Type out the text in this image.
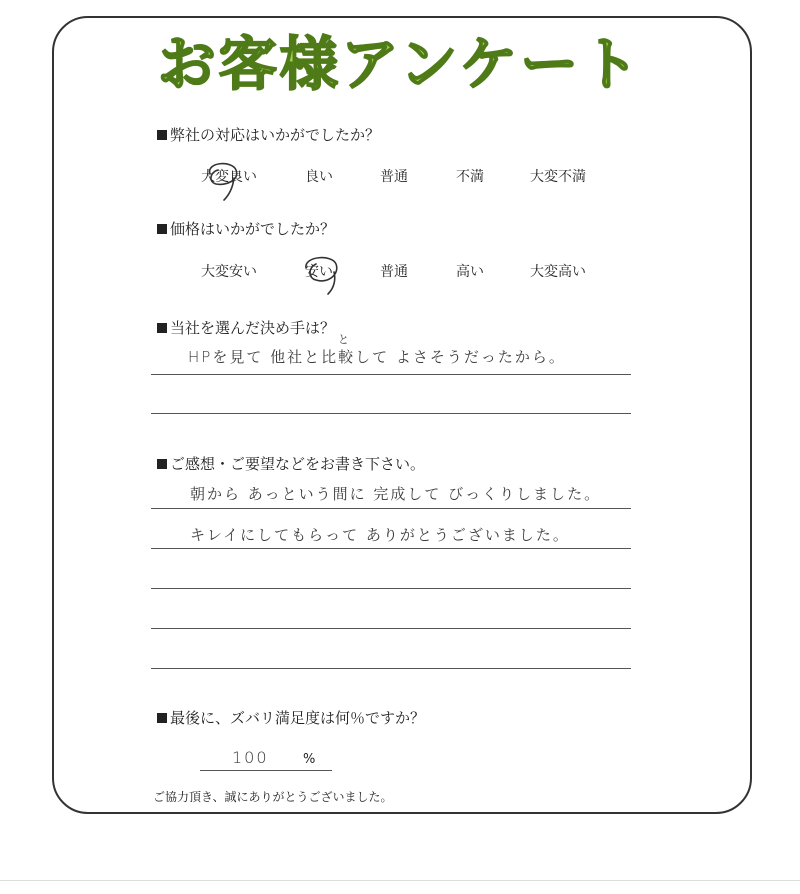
お客様アンケート
弊社の対応はいかがでしたか？
大変良い	良い	普通	不満	大変不満
価格はいかがでしたか？
大変安い	安い	普通	高い	大変高い
当社を選んだ決め手は？
と
HPを見て 他社と比較して よさそうだったから。
ご感想・ご要望などをお書き下さい。
朝から あっという間に 完成して びっくりしました。
キレイにしてもらって ありがとうございました。
最後に、ズバリ満足度は何％ですか？
100	%
ご協力頂き、誠にありがとうございました。
